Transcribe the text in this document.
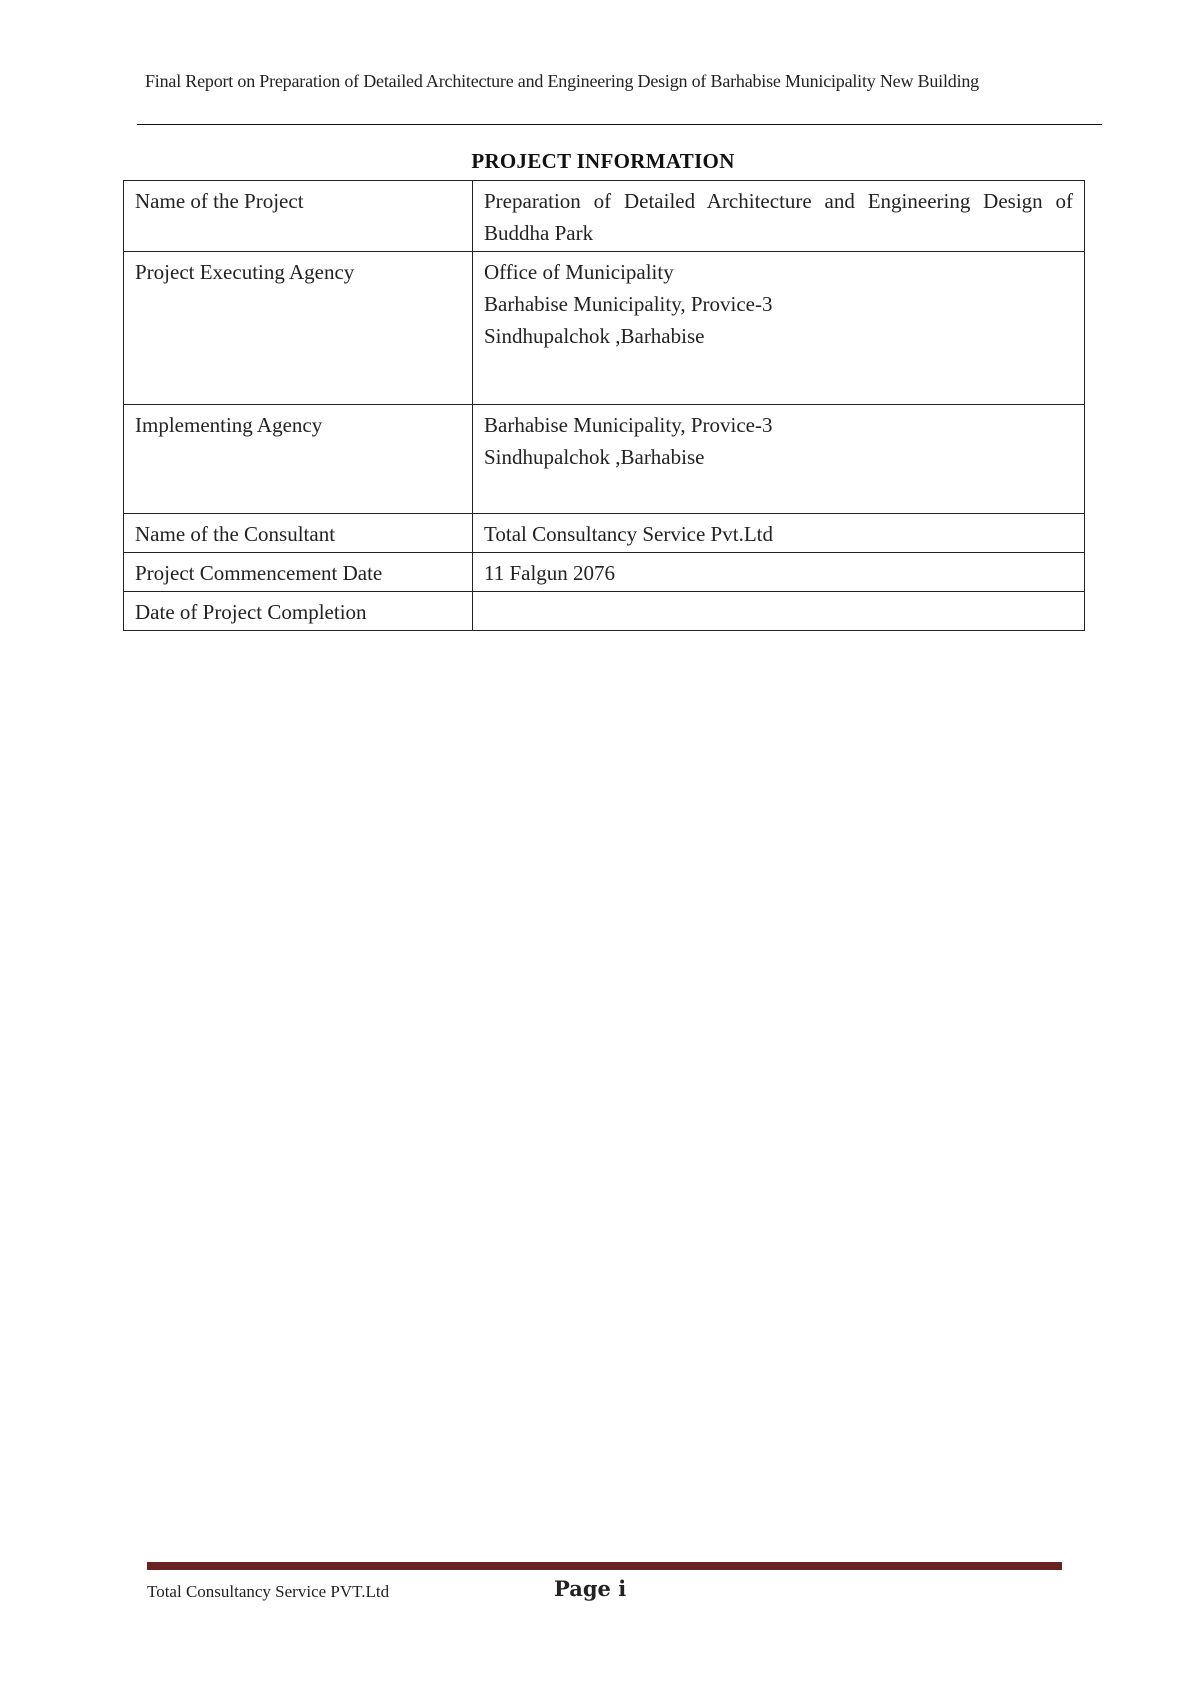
Final Report on Preparation of Detailed Architecture and Engineering Design of Barhabise Municipality New Building
PROJECT INFORMATION
Name of the Project	Preparation of Detailed Architecture and Engineering Design of Buddha Park
Project Executing Agency	Office of Municipality
Barhabise Municipality, Provice-3
Sindhupalchok ,Barhabise

Implementing Agency	Barhabise Municipality, Provice-3
Sindhupalchok ,Barhabise

Name of the Consultant	Total Consultancy Service Pvt.Ltd
Project Commencement Date	11 Falgun 2076
Date of Project Completion	
Total Consultancy Service PVT.Ltd	Page i
